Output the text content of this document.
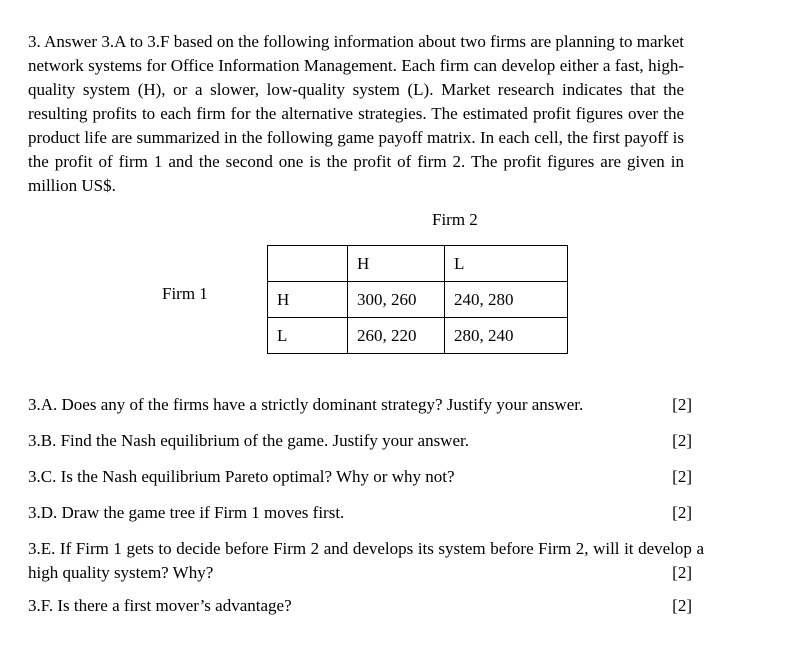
3. Answer 3.A to 3.F based on the following information about two firms are planning to market network systems for Office Information Management. Each firm can develop either a fast, high-quality system (H), or a slower, low-quality system (L). Market research indicates that the resulting profits to each firm for the alternative strategies. The estimated profit figures over the product life are summarized in the following game payoff matrix. In each cell, the first payoff is the profit of firm 1 and the second one is the profit of firm 2. The profit figures are given in million US$.

Firm 2
Firm 1
	H	L
H	300, 260	240, 280
L	260, 220	280, 240
3.A. Does any of the firms have a strictly dominant strategy? Justify your answer.	[2]
3.B. Find the Nash equilibrium of the game. Justify your answer.	[2]
3.C. Is the Nash equilibrium Pareto optimal? Why or why not?	[2]
3.D. Draw the game tree if Firm 1 moves first.	[2]
3.E. If Firm 1 gets to decide before Firm 2 and develops its system before Firm 2, will it develop a high quality system? Why?	[2]
3.F. Is there a first mover’s advantage?	[2]
